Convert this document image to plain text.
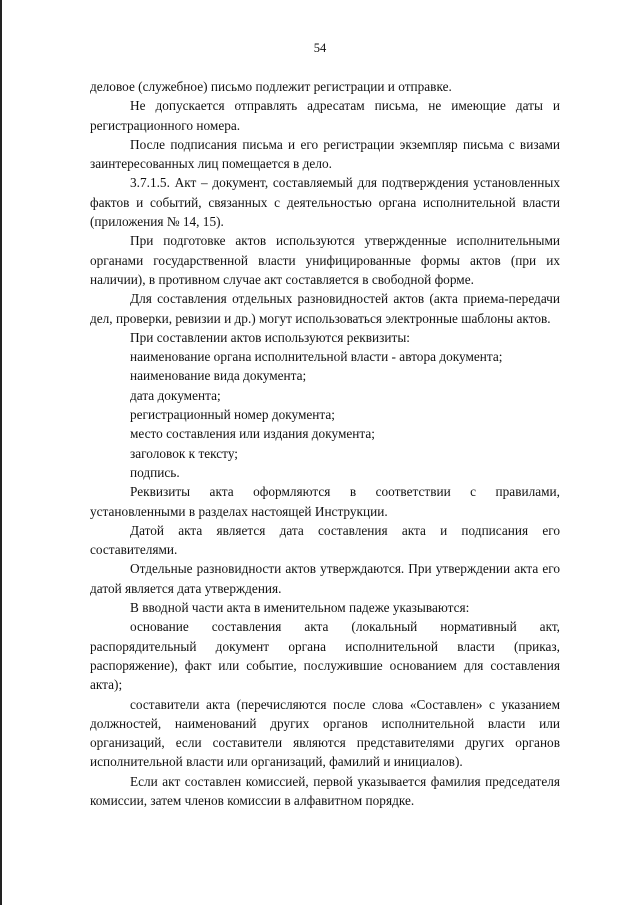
54

деловое (служебное) письмо подлежит регистрации и отправке.

Не допускается отправлять адресатам письма, не имеющие даты и регистрационного номера.

После подписания письма и его регистрации экземпляр письма с визами заинтересованных лиц помещается в дело.

3.7.1.5. Акт – документ, составляемый для подтверждения установленных фактов и событий, связанных с деятельностью органа исполнительной власти (приложения № 14, 15).

При подготовке актов используются утвержденные исполнительными органами государственной власти унифицированные формы актов (при их наличии), в противном случае акт составляется в свободной форме.

Для составления отдельных разновидностей актов (акта приема-передачи дел, проверки, ревизии и др.) могут использоваться электронные шаблоны актов.

При составлении актов используются реквизиты:

наименование органа исполнительной власти - автора документа;

наименование вида документа;

дата документа;

регистрационный номер документа;

место составления или издания документа;

заголовок к тексту;

подпись.

Реквизиты акта оформляются в соответствии с правилами, установленными в разделах настоящей Инструкции.

Датой акта является дата составления акта и подписания его составителями.

Отдельные разновидности актов утверждаются. При утверждении акта его датой является дата утверждения.

В вводной части акта в именительном падеже указываются:

основание составления акта (локальный нормативный акт, распорядительный документ органа исполнительной власти (приказ, распоряжение), факт или событие, послужившие основанием для составления акта);

составители акта (перечисляются после слова «Составлен» с указанием должностей, наименований других органов исполнительной власти или организаций, если составители являются представителями других органов исполнительной власти или организаций, фамилий и инициалов).

Если акт составлен комиссией, первой указывается фамилия председателя комиссии, затем членов комиссии в алфавитном порядке.
